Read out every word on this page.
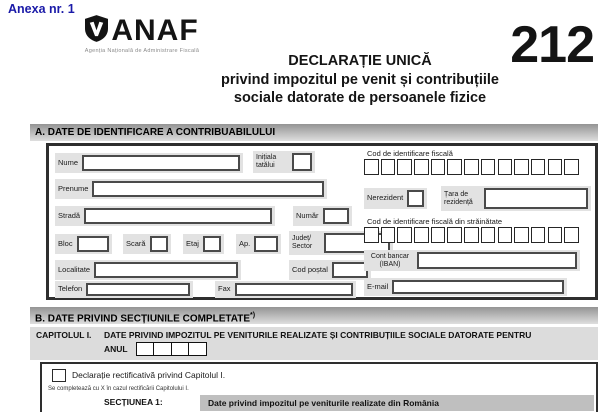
Anexa nr. 1
ANAF
Agenția Națională de Administrare Fiscală
DECLARAȚIE UNICĂ
privind impozitul pe venit și contribuțiile
sociale datorate de persoanele fizice
212
A. DATE DE IDENTIFICARE A CONTRIBUABILULUI
Nume
Inițiala tatălui
Prenume
Stradă	Număr
Bloc	Scară	Etaj	Ap.
Județ/ Sector
Localitate	Cod poștal
Telefon	Fax
Cod de identificare fiscală
Nerezident	Țara de rezidență
Cod de identificare fiscală din străinătate
Cont bancar (IBAN)
E-mail
B. DATE PRIVIND SECȚIUNILE COMPLETATE*)
CAPITOLUL I.	DATE PRIVIND IMPOZITUL PE VENITURILE REALIZATE ȘI CONTRIBUȚIILE SOCIALE DATORATE PENTRU
ANUL
Declarație rectificativă privind Capitolul I.
Se completează cu X în cazul rectificării Capitolului I.
SECȚIUNEA 1:	Date privind impozitul pe veniturile realizate din România
